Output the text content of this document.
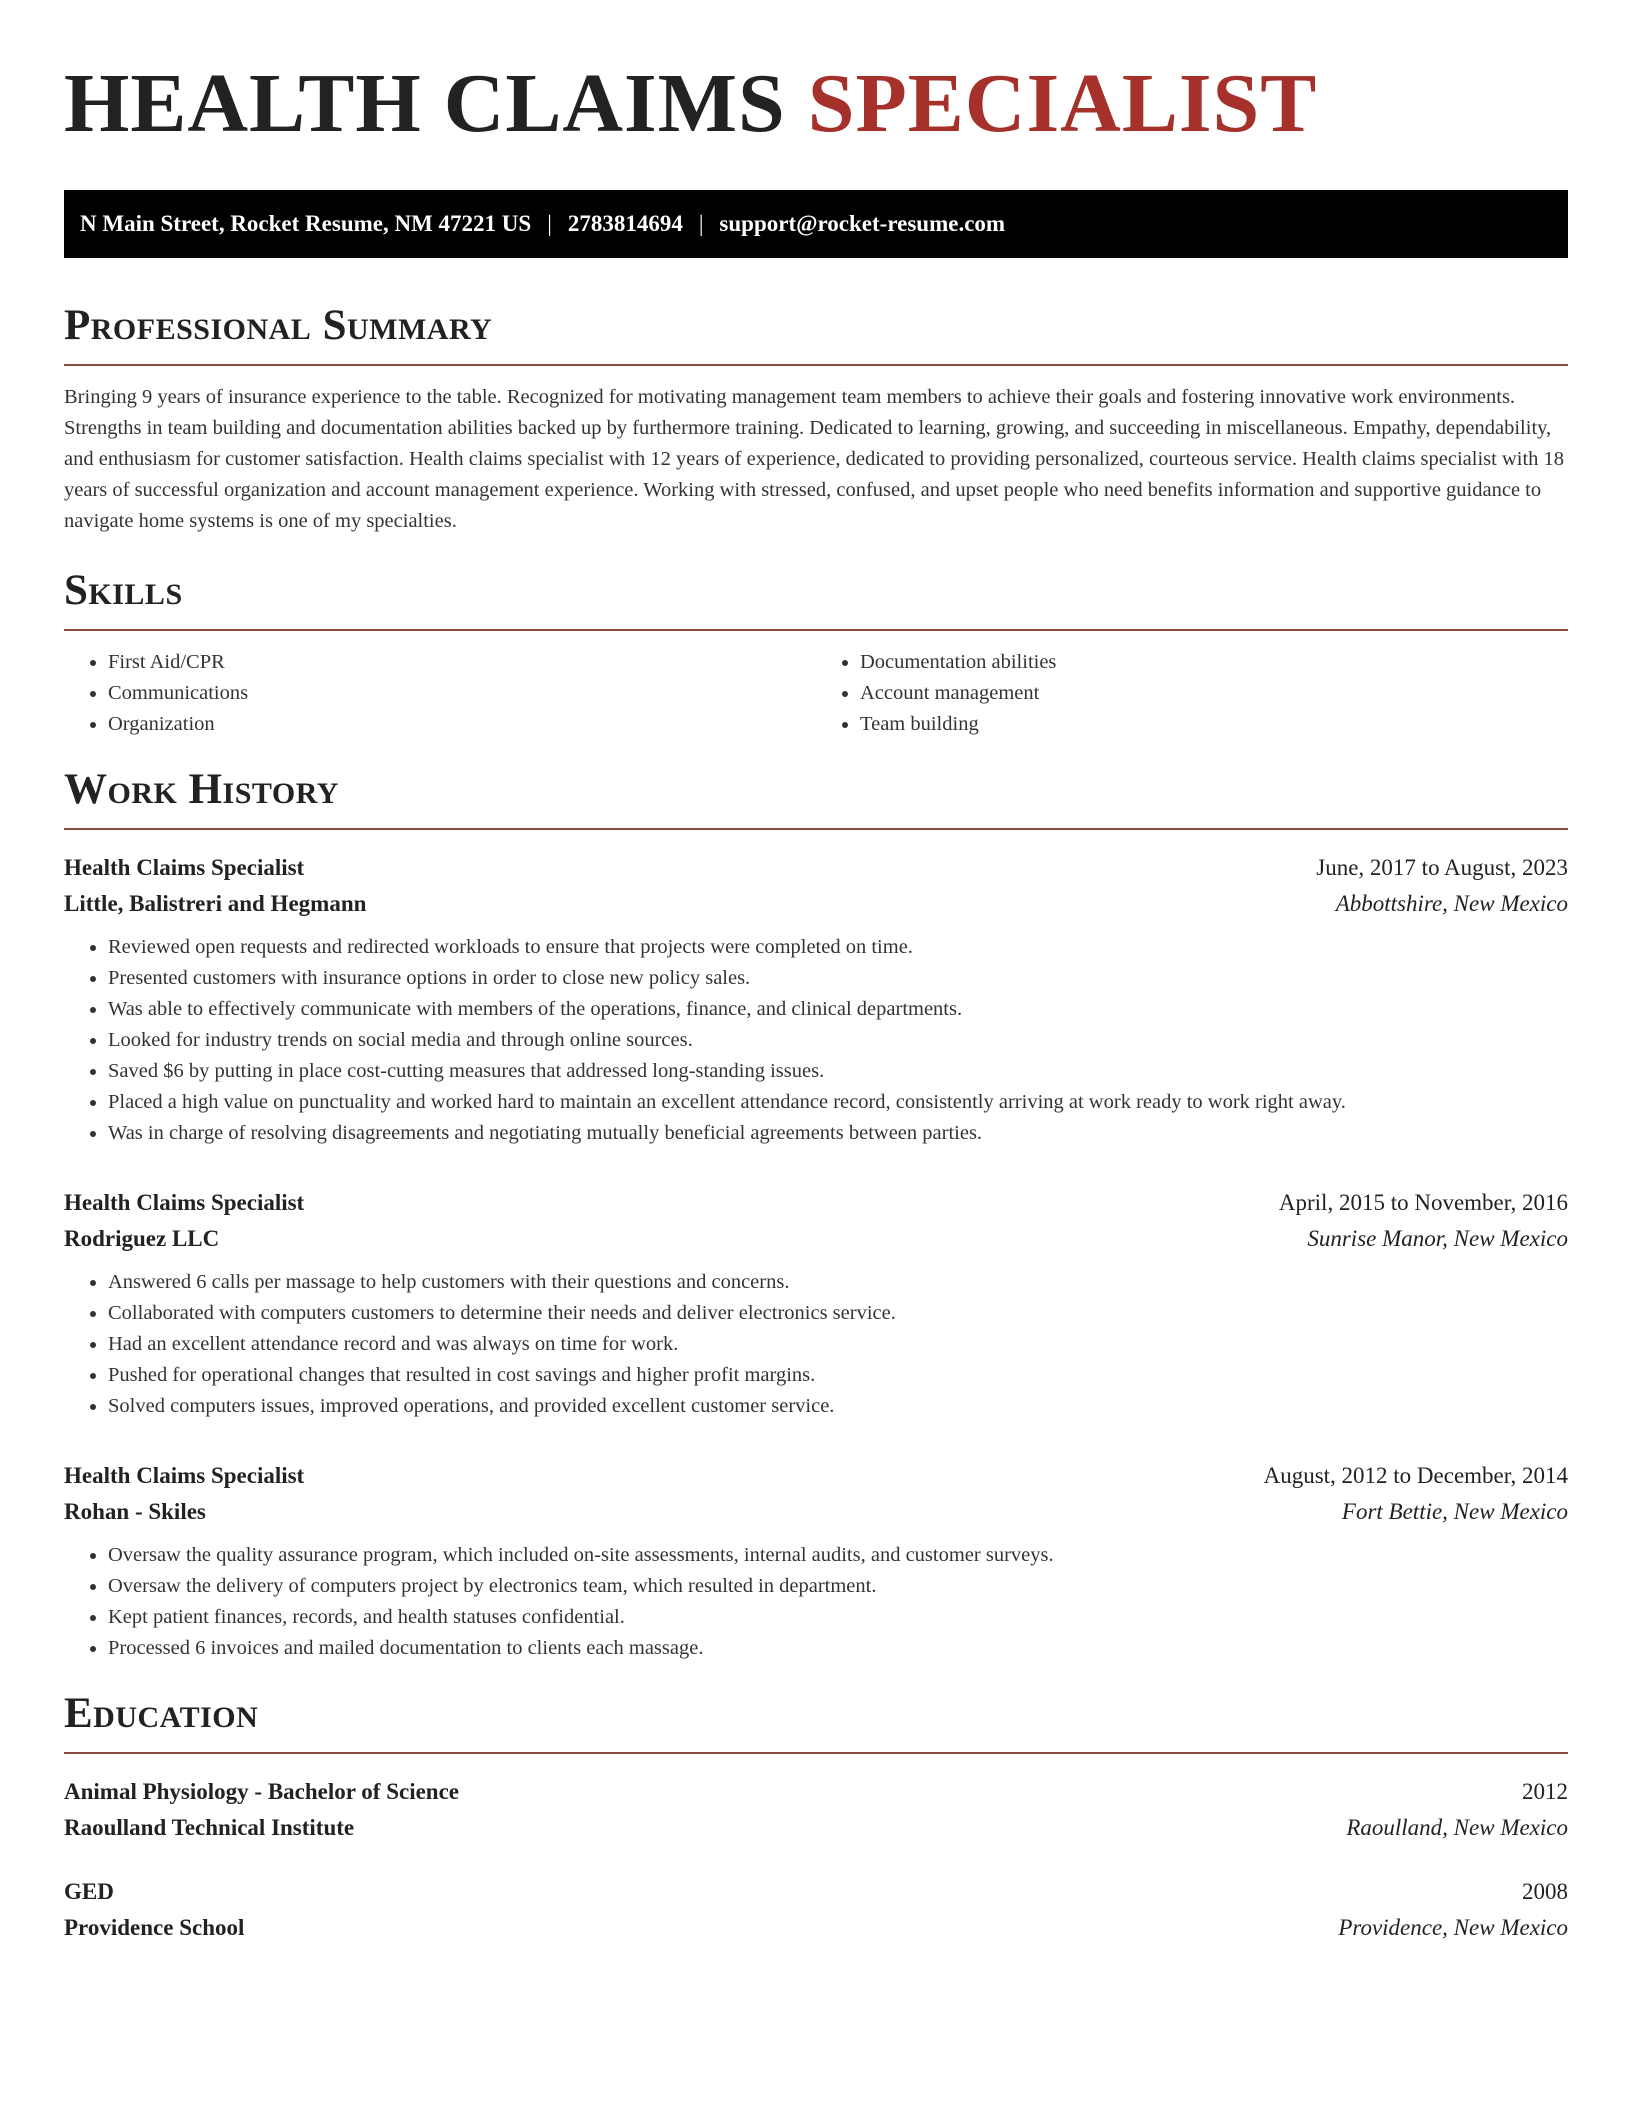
HEALTH CLAIMS SPECIALIST
N Main Street, Rocket Resume, NM 47221 US | 2783814694 | support@rocket-resume.com
Professional Summary

Bringing 9 years of insurance experience to the table. Recognized for motivating management team members to achieve their goals and fostering innovative work environments. Strengths in team building and documentation abilities backed up by furthermore training. Dedicated to learning, growing, and succeeding in miscellaneous. Empathy, dependability, and enthusiasm for customer satisfaction. Health claims specialist with 12 years of experience, dedicated to providing personalized, courteous service. Health claims specialist with 18 years of successful organization and account management experience. Working with stressed, confused, and upset people who need benefits information and supportive guidance to navigate home systems is one of my specialties.

Skills
• First Aid/CPR
• Communications
• Organization
• Documentation abilities
• Account management
• Team building
Work History
Health Claims Specialist	June, 2017 to August, 2023
Little, Balistreri and Hegmann	Abbottshire, New Mexico
• Reviewed open requests and redirected workloads to ensure that projects were completed on time.
• Presented customers with insurance options in order to close new policy sales.
• Was able to effectively communicate with members of the operations, finance, and clinical departments.
• Looked for industry trends on social media and through online sources.
• Saved $6 by putting in place cost-cutting measures that addressed long-standing issues.
• Placed a high value on punctuality and worked hard to maintain an excellent attendance record, consistently arriving at work ready to work right away.
• Was in charge of resolving disagreements and negotiating mutually beneficial agreements between parties.
Health Claims Specialist	April, 2015 to November, 2016
Rodriguez LLC	Sunrise Manor, New Mexico
• Answered 6 calls per massage to help customers with their questions and concerns.
• Collaborated with computers customers to determine their needs and deliver electronics service.
• Had an excellent attendance record and was always on time for work.
• Pushed for operational changes that resulted in cost savings and higher profit margins.
• Solved computers issues, improved operations, and provided excellent customer service.
Health Claims Specialist	August, 2012 to December, 2014
Rohan - Skiles	Fort Bettie, New Mexico
• Oversaw the quality assurance program, which included on-site assessments, internal audits, and customer surveys.
• Oversaw the delivery of computers project by electronics team, which resulted in department.
• Kept patient finances, records, and health statuses confidential.
• Processed 6 invoices and mailed documentation to clients each massage.
Education
Animal Physiology - Bachelor of Science	2012
Raoulland Technical Institute	Raoulland, New Mexico
GED	2008
Providence School	Providence, New Mexico
